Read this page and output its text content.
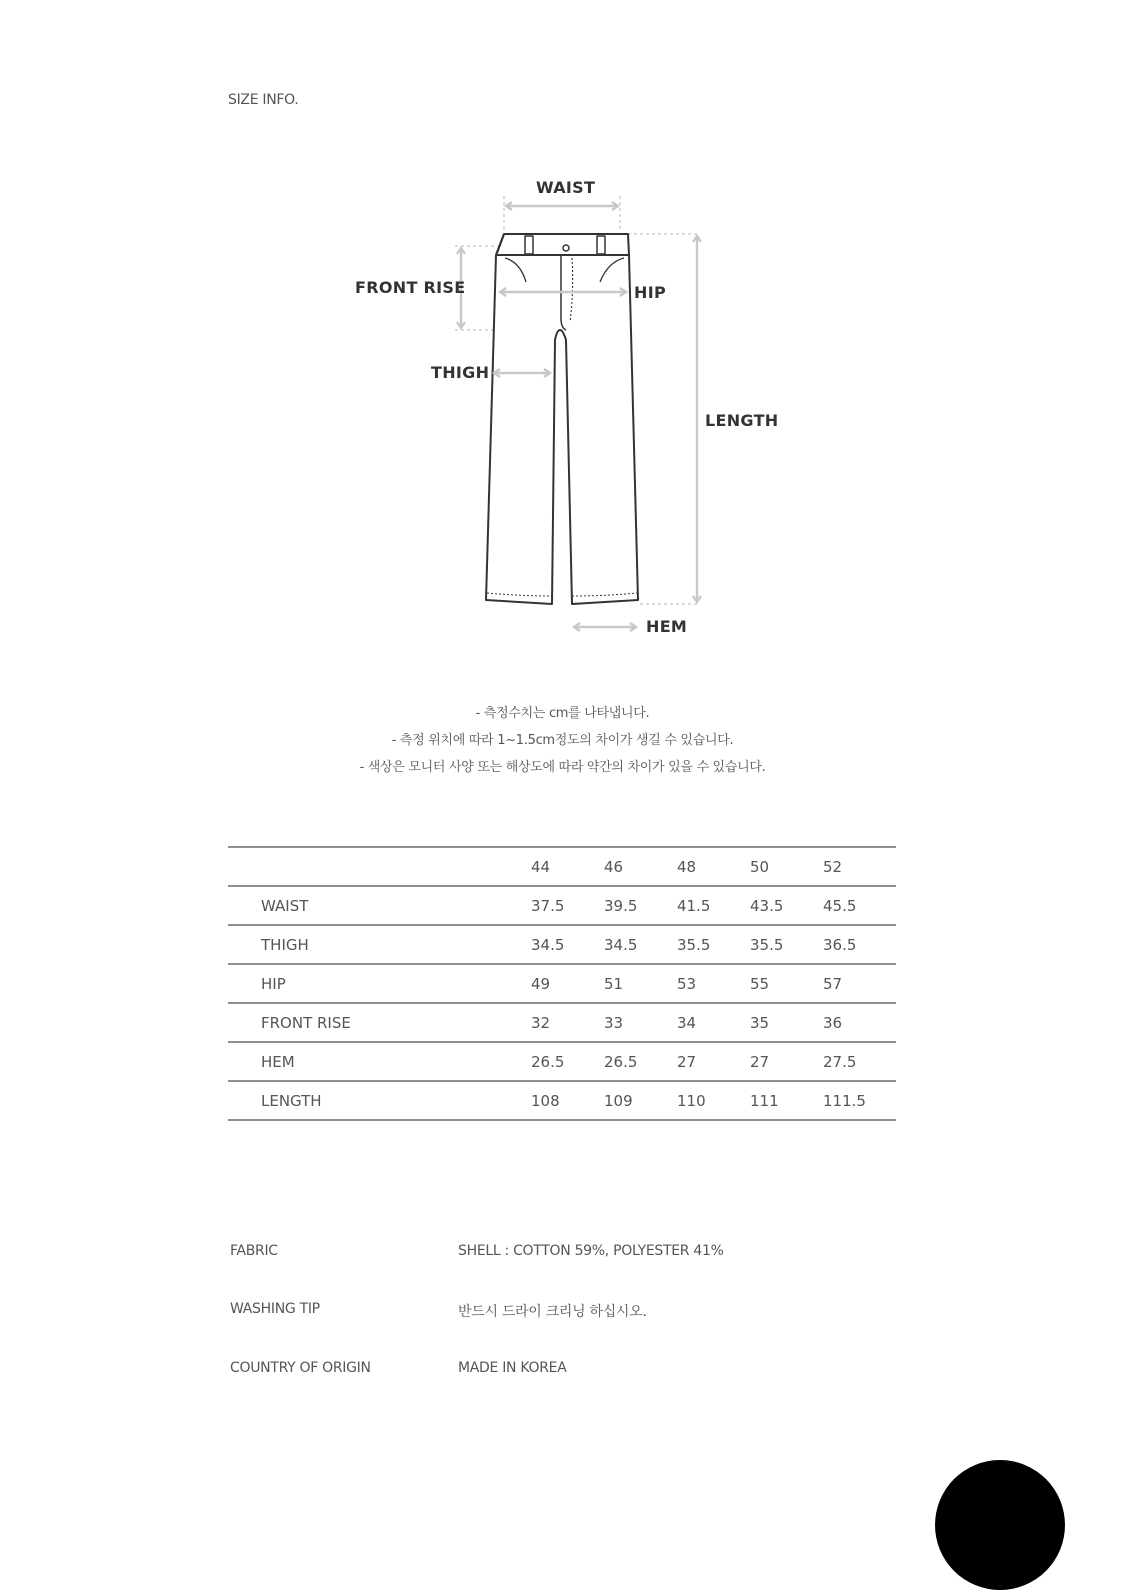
SIZE INFO.
WAIST
FRONT RISE	HIP
THIGH
LENGTH
HEM
- 측정수치는 cm를 나타냅니다.
- 측정 위치에 따라 1~1.5cm정도의 차이가 생길 수 있습니다.
- 색상은 모니터 사양 또는 해상도에 따라 약간의 차이가 있을 수 있습니다.
	44	46	48	50	52
WAIST	37.5	39.5	41.5	43.5	45.5
THIGH	34.5	34.5	35.5	35.5	36.5
HIP	49	51	53	55	57
FRONT RISE	32	33	34	35	36
HEM	26.5	26.5	27	27	27.5
LENGTH	108	109	110	111	111.5
FABRIC	SHELL : COTTON 59%, POLYESTER 41%
WASHING TIP	반드시 드라이 크리닝 하십시오.
COUNTRY OF ORIGIN	MADE IN KOREA
